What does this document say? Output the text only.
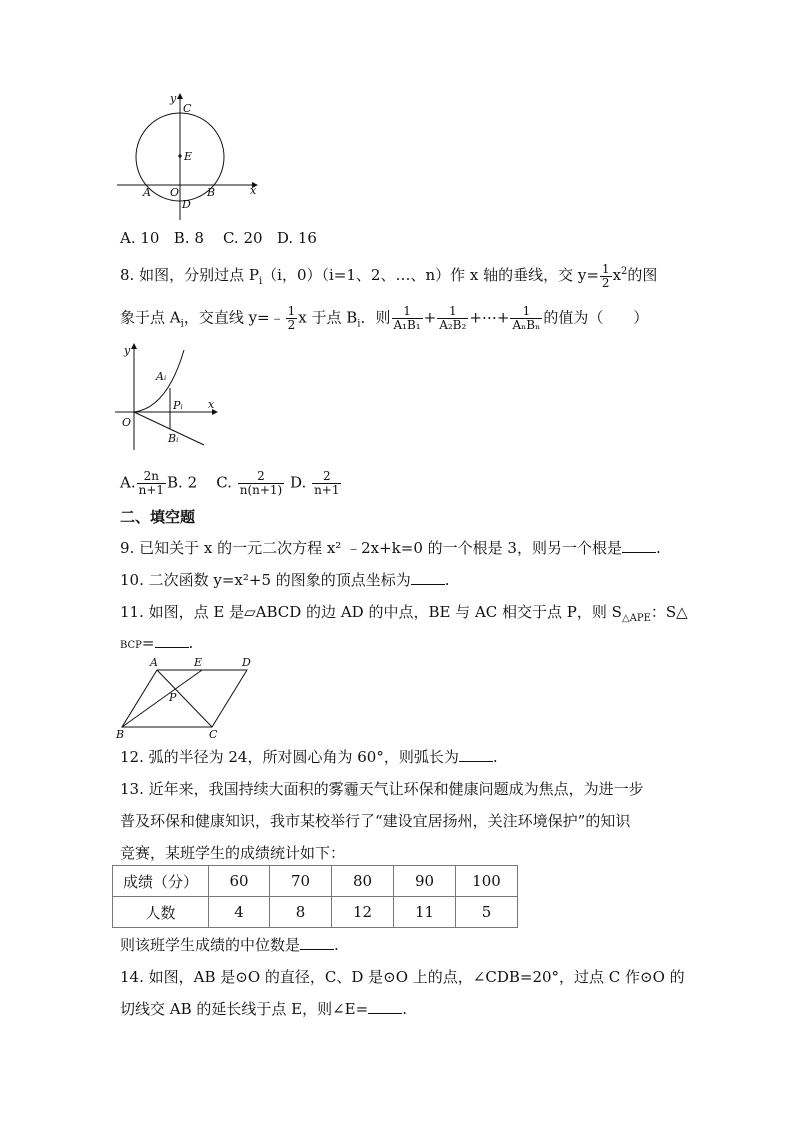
y
C
E
A O	B	x
D
A. 10 B. 8 C. 20 D. 16
8. 如图，分别过点 $P_i(i$，0）（i=1、2、…、n）作 x 轴的垂线，交 $y= \frac{1}{2} x^2$的图
象于点 $A_i$，交直线 y=﹣ $\frac{1}{2}$ x 于点 $B_i$．则 $\frac{1}{\text{A₁B₁}} + \frac{1}{\text{A₂B₂}}$ +⋯+ $\frac{1}{\text{AₙBₙ}}$ 的值为（　　）
y
Aᵢ
Pᵢ x
O
Bᵢ
A. $\frac{2n}{n+1} B$. 2 C. $\frac{2}{n(n+1)} D$. $\frac{2}{n+1}$
二、填空题
9. 已知关于 x 的一元二次方程 x² ﹣2x+k=0 的一个根是 3，则另一个根是 .
10. 二次函数 y=x²+5 的图象的顶点坐标为 .
11. 如图，点 E 是▱ABCD 的边 AD 的中点，BE 与 AC 相交于点 P，则 $S_{\triangle APE}$：S△
BCP= .
A	E	D
P
B	C
12. 弧的半径为 24，所对圆心角为 60°，则弧长为 .
13. 近年来，我国持续大面积的雾霾天气让环保和健康问题成为焦点，为进一步
普及环保和健康知识，我市某校举行了“建设宜居扬州，关注环境保护”的知识
竞赛，某班学生的成绩统计如下：
成绩（分）	60	70	80	90	100
人数	4	8	12	11	5
则该班学生成绩的中位数是 .
14. 如图，AB 是⊙O 的直径，C、D 是⊙O 上的点，∠CDB=20°，过点 C 作⊙O 的
切线交 AB 的延长线于点 E，则∠E= .
